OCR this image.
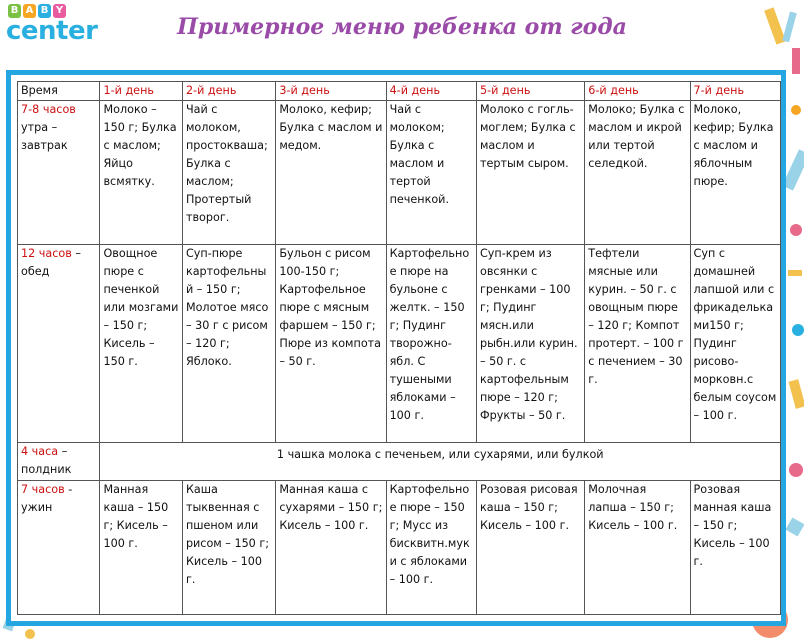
B A B Y
center	Примерное меню ребенка от года
Время	1-й день	2-й день	3-й день	4-й день	5-й день	6-й день	7-й день
7-8 часов утра – завтрак	Молоко – 150 г; Булка с маслом; Яйцо всмятку.	Чай с молоком, простокваша; Булка с маслом; Протертый творог.	Молоко, кефир; Булка с маслом и медом.	Чай с молоком; Булка с маслом и тертой печенкой.	Молоко с гогль-моглем; Булка с маслом и тертым сыром.	Молоко; Булка с маслом и икрой или тертой селедкой.	Молоко, кефир; Булка с маслом и яблочным пюре.
12 часов – обед	Овощное пюре с печенкой или мозгами – 150 г; Кисель – 150 г.	Суп-пюре картофельный – 150 г; Молотое мясо – 30 г с рисом – 120 г; Яблоко.	Бульон с рисом 100-150 г; Картофельное пюре с мясным фаршем – 150 г; Пюре из компота – 50 г.	Картофельное пюре на бульоне с желтк. – 150 г; Пудинг творожно-ябл. С тушеными яблоками – 100 г.	Суп-крем из овсянки с гренками – 100 г; Пудинг мясн.или рыбн.или курин. – 50 г. с картофельным пюре – 120 г; Фрукты – 50 г.	Тефтели мясные или курин. – 50 г. с овощным пюре – 120 г; Компот протерт. – 100 г с печением – 30 г.	Суп с домашней лапшой или с фрикадельками150 г; Пудинг рисово-морковн.с белым соусом – 100 г.
4 часа – полдник	1 чашка молока с печеньем, или сухарями, или булкой						
7 часов - ужин	Манная каша – 150 г; Кисель – 100 г.	Каша тыквенная с пшеном или рисом – 150 г; Кисель – 100 г.	Манная каша с сухарями – 150 г; Кисель – 100 г.	Картофельное пюре – 150 г; Мусс из бисквитн.муки с яблоками – 100 г.	Розовая рисовая каша – 150 г; Кисель – 100 г.	Молочная лапша – 150 г; Кисель – 100 г.	Розовая манная каша – 150 г; Кисель – 100 г.
